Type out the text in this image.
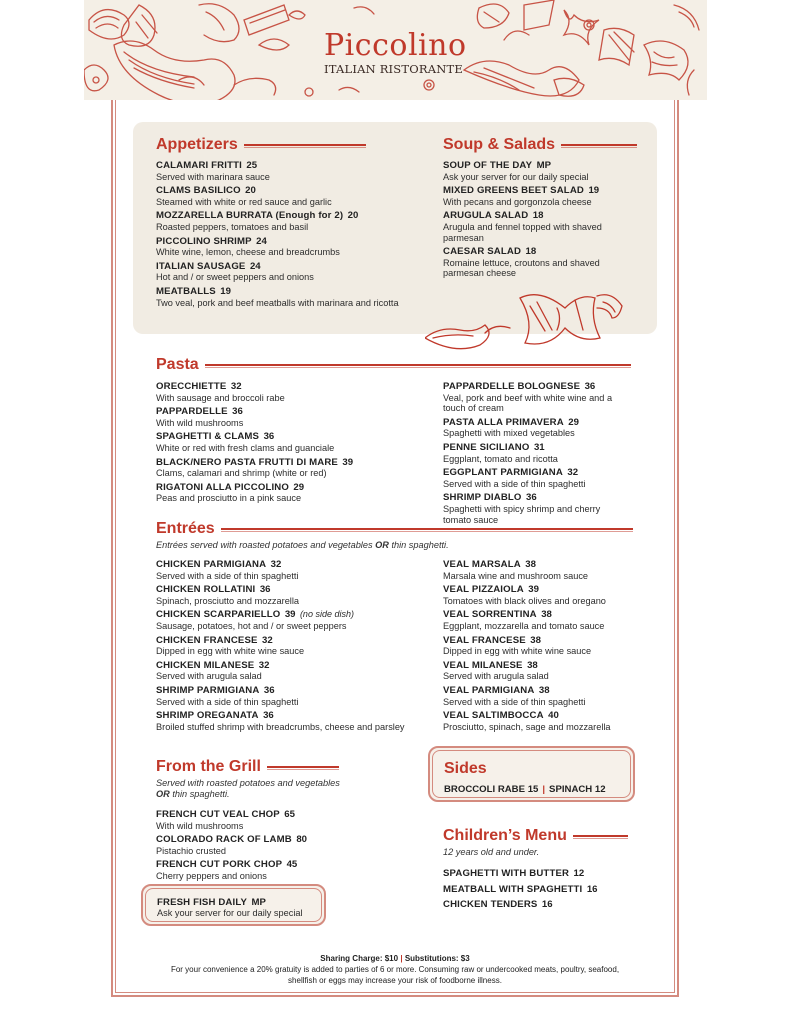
Piccolino
ITALIAN RISTORANTE
Appetizers
CALAMARI FRITTI 25
Served with marinara sauce
CLAMS BASILICO 20
Steamed with white or red sauce and garlic
MOZZARELLA BURRATA (Enough for 2) 20
Roasted peppers, tomatoes and basil
PICCOLINO SHRIMP 24
White wine, lemon, cheese and breadcrumbs
ITALIAN SAUSAGE 24
Hot and / or sweet peppers and onions
MEATBALLS 19
Two veal, pork and beef meatballs with marinara and ricotta
Soup & Salads
SOUP OF THE DAY MP
Ask your server for our daily special
MIXED GREENS BEET SALAD 19
With pecans and gorgonzola cheese
ARUGULA SALAD 18
Arugula and fennel topped with shaved parmesan
CAESAR SALAD 18
Romaine lettuce, croutons and shaved parmesan cheese
Pasta
ORECCHIETTE 32
With sausage and broccoli rabe
PAPPARDELLE 36
With wild mushrooms
SPAGHETTI & CLAMS 36
White or red with fresh clams and guanciale
BLACK/NERO PASTA FRUTTI DI MARE 39
Clams, calamari and shrimp (white or red)
RIGATONI ALLA PICCOLINO 29
Peas and prosciutto in a pink sauce
PAPPARDELLE BOLOGNESE 36
Veal, pork and beef with white wine and a touch of cream
PASTA ALLA PRIMAVERA 29
Spaghetti with mixed vegetables
PENNE SICILIANO 31
Eggplant, tomato and ricotta
EGGPLANT PARMIGIANA 32
Served with a side of thin spaghetti
SHRIMP DIABLO 36
Spaghetti with spicy shrimp and cherry tomato sauce
Entrées
Entrées served with roasted potatoes and vegetables OR thin spaghetti.
CHICKEN PARMIGIANA 32
Served with a side of thin spaghetti
CHICKEN ROLLATINI 36
Spinach, prosciutto and mozzarella
CHICKEN SCARPARIELLO 39 (no side dish)
Sausage, potatoes, hot and / or sweet peppers
CHICKEN FRANCESE 32
Dipped in egg with white wine sauce
CHICKEN MILANESE 32
Served with arugula salad
SHRIMP PARMIGIANA 36
Served with a side of thin spaghetti
SHRIMP OREGANATA 36
Broiled stuffed shrimp with breadcrumbs, cheese and parsley
VEAL MARSALA 38
Marsala wine and mushroom sauce
VEAL PIZZAIOLA 39
Tomatoes with black olives and oregano
VEAL SORRENTINA 38
Eggplant, mozzarella and tomato sauce
VEAL FRANCESE 38
Dipped in egg with white wine sauce
VEAL MILANESE 38
Served with arugula salad
VEAL PARMIGIANA 38
Served with a side of thin spaghetti
VEAL SALTIMBOCCA 40
Prosciutto, spinach, sage and mozzarella
From the Grill
Served with roasted potatoes and vegetables
OR thin spaghetti.
FRENCH CUT VEAL CHOP 65
With wild mushrooms
COLORADO RACK OF LAMB 80
Pistachio crusted
FRENCH CUT PORK CHOP 45
Cherry peppers and onions
FRESH FISH DAILY MP
Ask your server for our daily special
Sides
BROCCOLI RABE 15 | SPINACH 12
Children’s Menu
12 years old and under.
SPAGHETTI WITH BUTTER 12
MEATBALL WITH SPAGHETTI 16
CHICKEN TENDERS 16
Sharing Charge: $10 | Substitutions: $3
For your convenience a 20% gratuity is added to parties of 6 or more. Consuming raw or undercooked meats, poultry, seafood,
shellfish or eggs may increase your risk of foodborne illness.
